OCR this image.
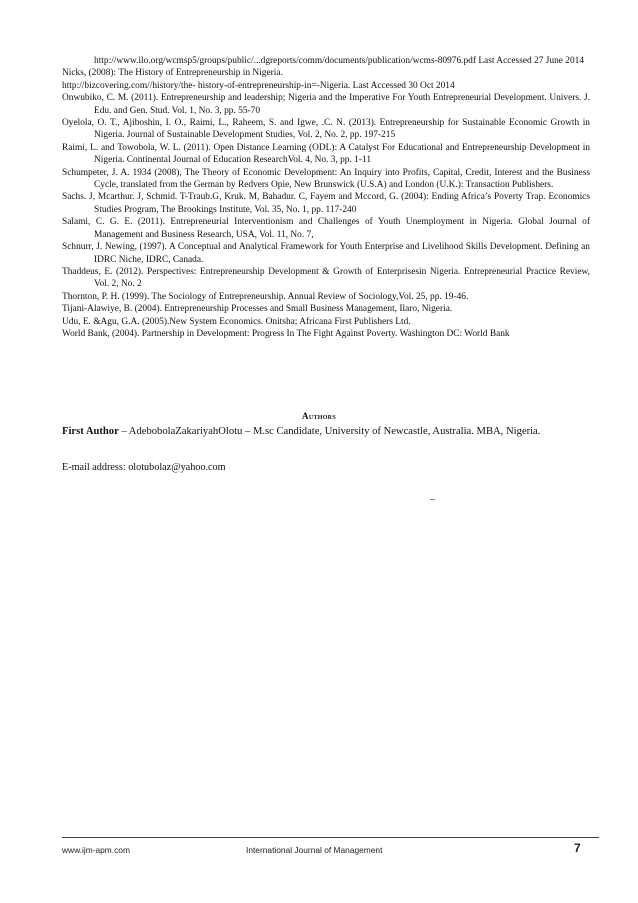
http://www.ilo.org/wcmsp5/groups/public/...dgreports/comm/documents/publication/wcms-80976.pdf Last Accessed 27 June 2014

Nicks, (2008): The History of Entrepreneurship in Nigeria.
http://bizcovering.com//history/the- history-of-entrepreneurship-in=-Nigeria. Last Accessed 30 Oct 2014

Onwubiko, C. M. (2011). Entrepreneurship and leadership; Nigeria and the Imperative For Youth Entrepreneurial Development. Univers. J. Edu. and Gen. Stud. Vol. 1, No. 3, pp. 55-70

Oyelola, O. T., Ajiboshin, I. O., Raimi, L., Raheem, S. and Igwe, .C. N. (2013). Entrepreneurship for Sustainable Economic Growth in Nigeria. Journal of Sustainable Development Studies, Vol. 2, No. 2, pp. 197-215

Raimi, L. and Towobola, W. L. (2011). Open Distance Learning (ODL): A Catalyst For Educational and Entrepreneurship Development in Nigeria. Continental Journal of Education ResearchVol. 4, No. 3, pp. 1-11

Schumpeter, J. A. 1934 (2008), The Theory of Economic Development: An Inquiry into Profits, Capital, Credit, Interest and the Business Cycle, translated from the German by Redvers Opie, New Brunswick (U.S.A) and London (U.K.): Transaction Publishers.

Sachs. J, Mcarthur. J, Schmid. T-Traub.G, Kruk. M, Bahadur. C, Fayem and Mccord, G. (2004): Ending Africa’s Poverty Trap. Economics Studies Program, The Brookings Institute, Vol. 35, No. 1, pp. 117-240

Salami, C. G. E. (2011). Entrepreneurial Interventionism and Challenges of Youth Unemployment in Nigeria. Global Journal of Management and Business Research, USA, Vol. 11, No. 7,

Schnurr, J. Newing, (1997). A Conceptual and Analytical Framework for Youth Enterprise and Livelihood Skills Development. Defining an IDRC Niche, IDRC, Canada.

Thaddeus, E. (2012). Perspectives: Entrepreneurship Development & Growth of Enterprisesin Nigeria. Entrepreneurial Practice Review, Vol. 2, No. 2

Thornton, P. H. (1999). The Sociology of Entrepreneurship. Annual Review of Sociology,Vol. 25, pp. 19-46.

Tijani-Alawiye, B. (2004). Entrepreneurship Processes and Small Business Management, Ilaro, Nigeria.

Udu, E. &Agu, G.A. (2005).New System Economics. Onitsha; Africana First Publishers Ltd.

World Bank, (2004). Partnership in Development: Progress In The Fight Against Poverty. Washington DC: World Bank

Authors
First Author – AdebobolaZakariyahOlotu – M.sc Candidate, University of Newcastle, Australia. MBA, Nigeria.
E-mail address: olotubolaz@yahoo.com
–
www.ijm-apm.com	International Journal of Management	7
